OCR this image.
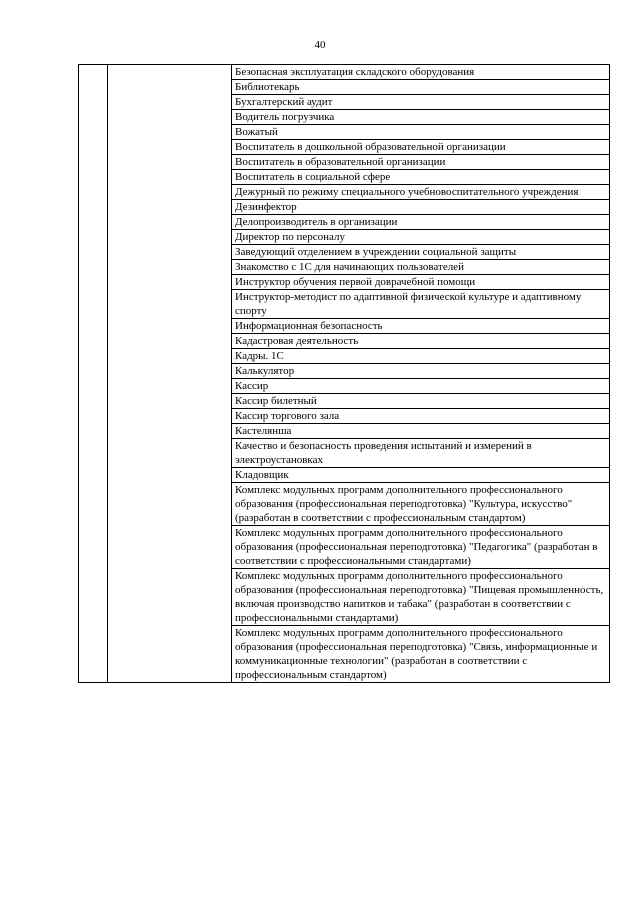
40
		Безопасная эксплуатация складского оборудования
Библиотекарь
Бухгалтерский аудит
Водитель погрузчика
Вожатый
Воспитатель в дошкольной образовательной организации
Воспитатель в образовательной организации
Воспитатель в социальной сфере
Дежурный по режиму специального учебновоспитательного учреждения
Дезинфектор
Делопроизводитель в организации
Директор по персоналу
Заведующий отделением в учреждении социальной защиты
Знакомство с 1С для начинающих пользователей
Инструктор обучения первой доврачебной помощи
Инструктор-методист по адаптивной физической культуре и адаптивному спорту
Информационная безопасность
Кадастровая деятельность
Кадры. 1С
Калькулятор
Кассир
Кассир билетный
Кассир торгового зала
Кастелянша
Качество и безопасность проведения испытаний и измерений в электроустановках
Кладовщик
Комплекс модульных программ дополнительного профессионального образования (профессиональная переподготовка) "Культура, искусство" (разработан в соответствии с профессиональным стандартом)
Комплекс модульных программ дополнительного профессионального образования (профессиональная переподготовка) "Педагогика" (разработан в соответствии с профессиональными стандартами)
Комплекс модульных программ дополнительного профессионального образования (профессиональная переподготовка) "Пищевая промышленность, включая производство напитков и табака" (разработан в соответствии с профессиональными стандартами)
Комплекс модульных программ дополнительного профессионального образования (профессиональная переподготовка) "Связь, информационные и коммуникационные технологии" (разработан в соответствии с профессиональным стандартом)
